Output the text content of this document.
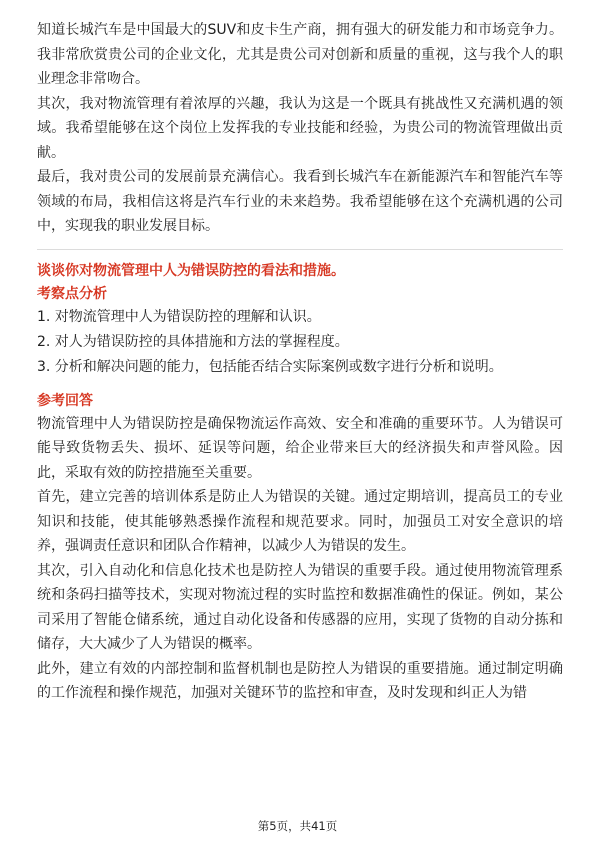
知道长城汽车是中国最大的SUV和皮卡生产商，拥有强大的研发能力和市场竞争力。我非常欣赏贵公司的企业文化，尤其是贵公司对创新和质量的重视，这与我个人的职业理念非常吻合。

其次，我对物流管理有着浓厚的兴趣，我认为这是一个既具有挑战性又充满机遇的领域。我希望能够在这个岗位上发挥我的专业技能和经验，为贵公司的物流管理做出贡献。

最后，我对贵公司的发展前景充满信心。我看到长城汽车在新能源汽车和智能汽车等领域的布局，我相信这将是汽车行业的未来趋势。我希望能够在这个充满机遇的公司中，实现我的职业发展目标。

谈谈你对物流管理中人为错误防控的看法和措施。

考察点分析

1. 对物流管理中人为错误防控的理解和认识。

2. 对人为错误防控的具体措施和方法的掌握程度。

3. 分析和解决问题的能力，包括能否结合实际案例或数字进行分析和说明。

参考回答

物流管理中人为错误防控是确保物流运作高效、安全和准确的重要环节。人为错误可能导致货物丢失、损坏、延误等问题，给企业带来巨大的经济损失和声誉风险。因此，采取有效的防控措施至关重要。

首先，建立完善的培训体系是防止人为错误的关键。通过定期培训，提高员工的专业知识和技能，使其能够熟悉操作流程和规范要求。同时，加强员工对安全意识的培养，强调责任意识和团队合作精神，以减少人为错误的发生。

其次，引入自动化和信息化技术也是防控人为错误的重要手段。通过使用物流管理系统和条码扫描等技术，实现对物流过程的实时监控和数据准确性的保证。例如，某公司采用了智能仓储系统，通过自动化设备和传感器的应用，实现了货物的自动分拣和储存，大大减少了人为错误的概率。

此外，建立有效的内部控制和监督机制也是防控人为错误的重要措施。通过制定明确的工作流程和操作规范，加强对关键环节的监控和审查，及时发现和纠正人为错

第5页，共41页
